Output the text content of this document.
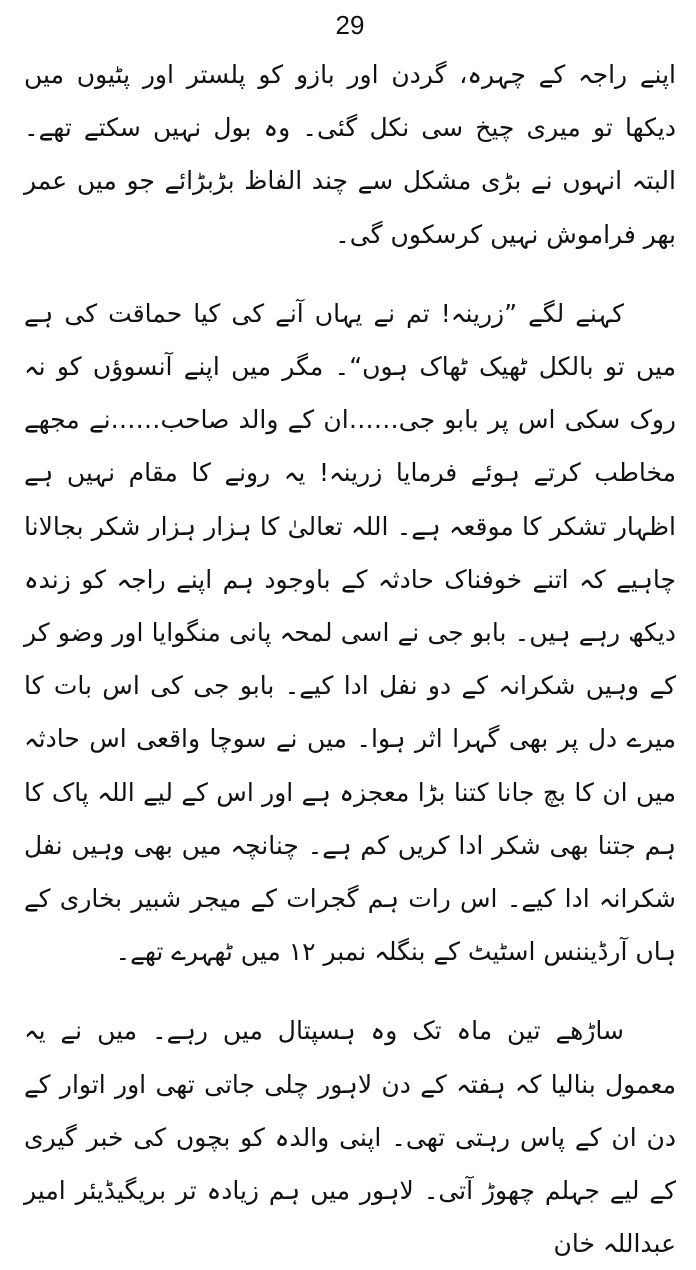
29

اپنے راجہ کے چہرہ، گردن اور بازو کو پلستر اور پٹیوں میں دیکھا تو میری چیخ سی نکل گئی۔ وہ بول نہیں سکتے تھے۔ البتہ انہوں نے بڑی مشکل سے چند الفاظ بڑبڑائے جو میں عمر بھر فراموش نہیں کرسکوں گی۔

کہنے لگے ”زرینہ! تم نے یہاں آنے کی کیا حماقت کی ہے میں تو بالکل ٹھیک ٹھاک ہوں“۔ مگر میں اپنے آنسوؤں کو نہ روک سکی اس پر بابو جی……ان کے والد صاحب……نے مجھے مخاطب کرتے ہوئے فرمایا زرینہ! یہ رونے کا مقام نہیں ہے اظہار تشکر کا موقعہ ہے۔ اللہ تعالیٰ کا ہزار ہزار شکر بجالانا چاہیے کہ اتنے خوفناک حادثہ کے باوجود ہم اپنے راجہ کو زندہ دیکھ رہے ہیں۔ بابو جی نے اسی لمحہ پانی منگوایا اور وضو کر کے وہیں شکرانہ کے دو نفل ادا کیے۔ بابو جی کی اس بات کا میرے دل پر بھی گہرا اثر ہوا۔ میں نے سوچا واقعی اس حادثہ میں ان کا بچ جانا کتنا بڑا معجزہ ہے اور اس کے لیے اللہ پاک کا ہم جتنا بھی شکر ادا کریں کم ہے۔ چنانچہ میں بھی وہیں نفل شکرانہ ادا کیے۔ اس رات ہم گجرات کے میجر شبیر بخاری کے ہاں آرڈیننس اسٹیٹ کے بنگلہ نمبر ۱۲ میں ٹھہرے تھے۔

ساڑھے تین ماہ تک وہ ہسپتال میں رہے۔ میں نے یہ معمول بنالیا کہ ہفتہ کے دن لاہور چلی جاتی تھی اور اتوار کے دن ان کے پاس رہتی تھی۔ اپنی والدہ کو بچوں کی خبر گیری کے لیے جہلم چھوڑ آتی۔ لاہور میں ہم زیادہ تر بریگیڈیئر امیر عبداللہ خان
